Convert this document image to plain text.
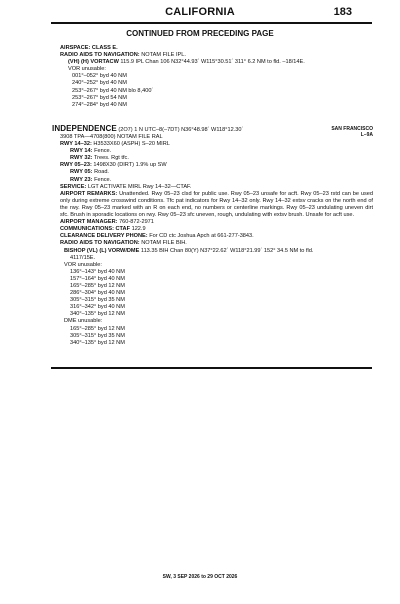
CALIFORNIA	183
CONTINUED FROM PRECEDING PAGE
AIRSPACE: CLASS E.
RADIO AIDS TO NAVIGATION: NOTAM FILE IPL.
(VH) (H) VORTACW 115.9 IPL Chan 106 N32°44.93´ W115°30.51´ 311° 6.2 NM to fld. –18/14E.
VOR unusable:
001°–052° byd 40 NM
240°–252° byd 40 NM
253°–267° byd 40 NM blo 8,400´
253°–267° byd 54 NM
274°–284° byd 40 NM
INDEPENDENCE (2O7) 1 N UTC–8(–7DT) N36°48.98´ W118°12.30´	SAN FRANCISCO
L–9A
3908 TPA—4708(800) NOTAM FILE RAL
RWY 14–32: H3533X60 (ASPH) S–20 MIRL
RWY 14: Fence.
RWY 32: Trees. Rgt tfc.
RWY 05–23: 1498X30 (DIRT) 1.9% up SW
RWY 05: Road.
RWY 23: Fence.
SERVICE: LGT ACTIVATE MIRL Rwy 14–32—CTAF.
AIRPORT REMARKS: Unattended. Rwy 05–23 clsd for public use. Rwy 05–23 unsafe for acft. Rwy 05–23 rstd can be used only during extreme crosswind conditions. Tfc pat indicators for Rwy 14–32 only. Rwy 14–32 extsv cracks on the north end of the rwy. Rwy 05–23 marked with an R on each end, no numbers or centerline markings. Rwy 05–23 undulating uneven dirt sfc. Brush in sporadic locations on rwy. Rwy 05–23 sfc uneven, rough, undulating with extsv brush. Unsafe for acft use.
AIRPORT MANAGER: 760-872-2971
COMMUNICATIONS: CTAF 122.9
CLEARANCE DELIVERY PHONE: For CD ctc Joshua Apch at 661-277-3843.
RADIO AIDS TO NAVIGATION: NOTAM FILE BIH.
BISHOP (VL) (L) VORW/DME 113.35 BIH Chan 80(Y) N37°22.62´ W118°21.99´ 152° 34.5 NM to fld.
4117/15E.
VOR unusable:
136°–143° byd 40 NM
157°–164° byd 40 NM
165°–285° byd 12 NM
286°–304° byd 40 NM
305°–315° byd 35 NM
316°–342° byd 40 NM
340°–135° byd 12 NM
DME unusable:
165°–285° byd 12 NM
305°–315° byd 35 NM
340°–135° byd 12 NM
SW, 3 SEP 2026 to 29 OCT 2026
